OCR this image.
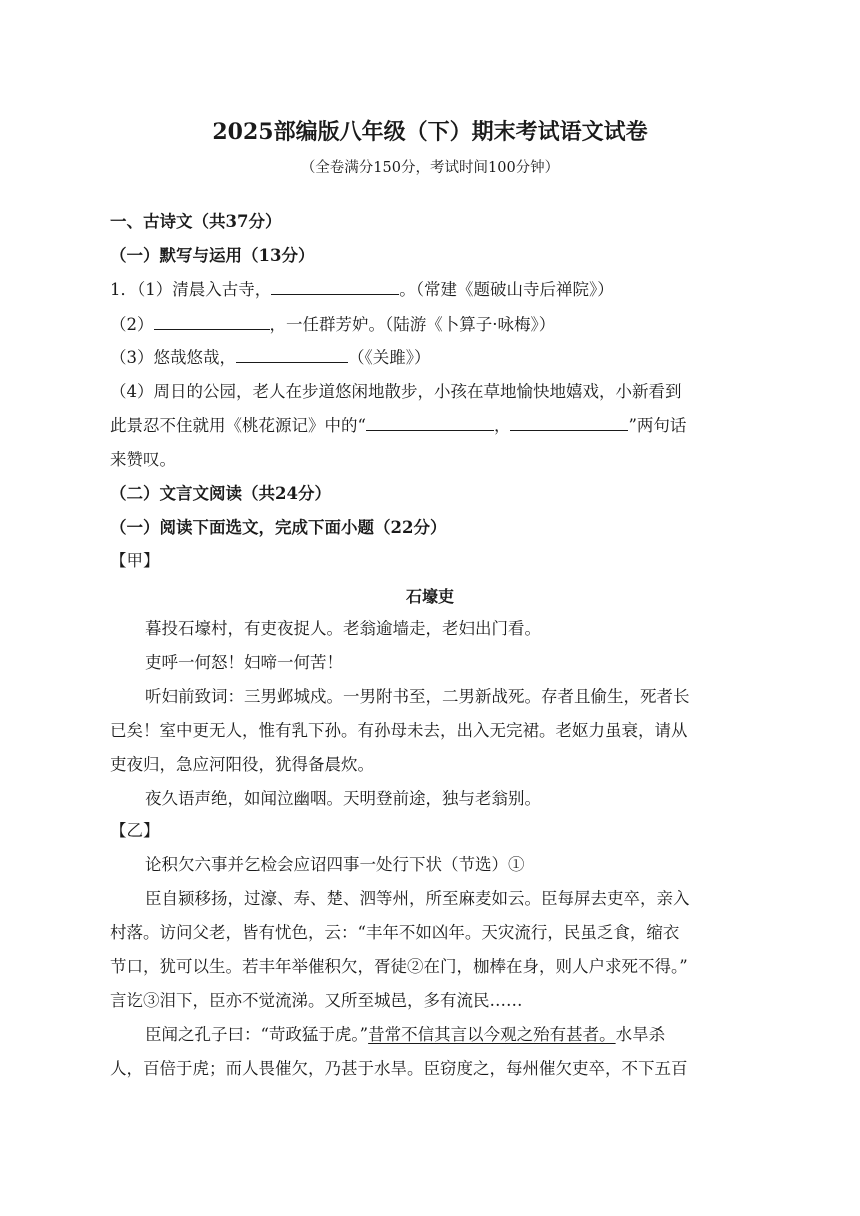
2025部编版八年级（下）期末考试语文试卷
（全卷满分150分，考试时间100分钟）
一、古诗文（共37分）
（一）默写与运用（13分）
1．（1）清晨入古寺，	。（常建《题破山寺后禅院》）
（2）	，一任群芳妒。（陆游《卜算子·咏梅》）
（3）悠哉悠哉，	（《关雎》）
（4）周日的公园，老人在步道悠闲地散步，小孩在草地愉快地嬉戏，小新看到
此景忍不住就用《桃花源记》中的“	，	”两句话
来赞叹。
（二）文言文阅读（共24分）
（一）阅读下面选文，完成下面小题（22分）
【甲】
石壕吏
暮投石壕村，有吏夜捉人。老翁逾墙走，老妇出门看。
吏呼一何怒！妇啼一何苦！
听妇前致词：三男邺城戍。一男附书至，二男新战死。存者且偷生，死者长
已矣！室中更无人，惟有乳下孙。有孙母未去，出入无完裙。老妪力虽衰，请从
吏夜归，急应河阳役，犹得备晨炊。
夜久语声绝，如闻泣幽咽。天明登前途，独与老翁别。
【乙】
论积欠六事并乞检会应诏四事一处行下状（节选）①
臣自颍移扬，过濠、寿、楚、泗等州，所至麻麦如云。臣每屏去吏卒，亲入
村落。访问父老，皆有忧色，云：“丰年不如凶年。天灾流行，民虽乏食，缩衣
节口，犹可以生。若丰年举催积欠，胥徒②在门，枷棒在身，则人户求死不得。”
言讫③泪下，臣亦不觉流涕。又所至城邑，多有流民……
臣闻之孔子曰：“苛政猛于虎。”昔常不信其言以今观之殆有甚者。水旱杀
人，百倍于虎；而人畏催欠，乃甚于水旱。臣窃度之，每州催欠吏卒，不下五百
